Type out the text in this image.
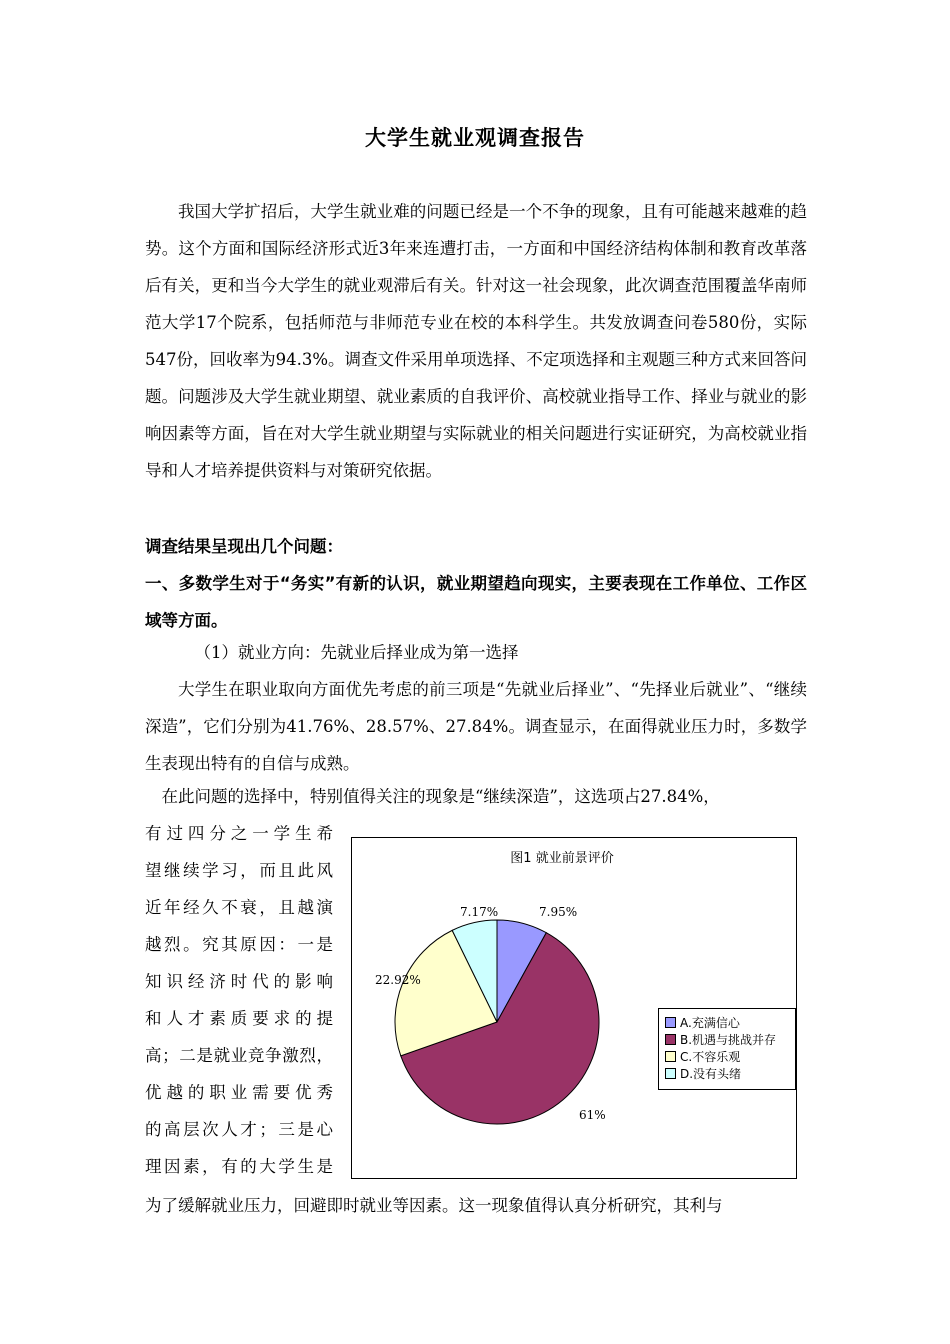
大学生就业观调查报告
我国大学扩招后，大学生就业难的问题已经是一个不争的现象，且有可能越来越难的趋势。这个方面和国际经济形式近3年来连遭打击，一方面和中国经济结构体制和教育改革落后有关，更和当今大学生的就业观滞后有关。针对这一社会现象，此次调查范围覆盖华南师范大学17个院系，包括师范与非师范专业在校的本科学生。共发放调查问卷580份，实际547份，回收率为94.3%。调查文件采用单项选择、不定项选择和主观题三种方式来回答问题。问题涉及大学生就业期望、就业素质的自我评价、高校就业指导工作、择业与就业的影响因素等方面，旨在对大学生就业期望与实际就业的相关问题进行实证研究，为高校就业指导和人才培养提供资料与对策研究依据。
调查结果呈现出几个问题：
一、多数学生对于“务实”有新的认识，就业期望趋向现实，主要表现在工作单位、工作区域等方面。
（1）就业方向：先就业后择业成为第一选择
大学生在职业取向方面优先考虑的前三项是“先就业后择业”、“先择业后就业”、“继续深造”，它们分别为41.76%、28.57%、27.84%。调查显示，在面得就业压力时，多数学生表现出特有的自信与成熟。
在此问题的选择中，特别值得关注的现象是“继续深造”，这选项占27.84%，
有过四分之一学生希
望继续学习，而且此风
近年经久不衰，且越演
越烈。究其原因：一是
知识经济时代的影响
和人才素质要求的提
高；二是就业竞争激烈，
优越的职业需要优秀
的高层次人才；三是心
理因素，有的大学生是
为了缓解就业压力，回避即时就业等因素。这一现象值得认真分析研究，其利与
图1 就业前景评价
7.95%
61%
22.92%
7.17%
A.充满信心
B.机遇与挑战并存
C.不容乐观
D.没有头绪
